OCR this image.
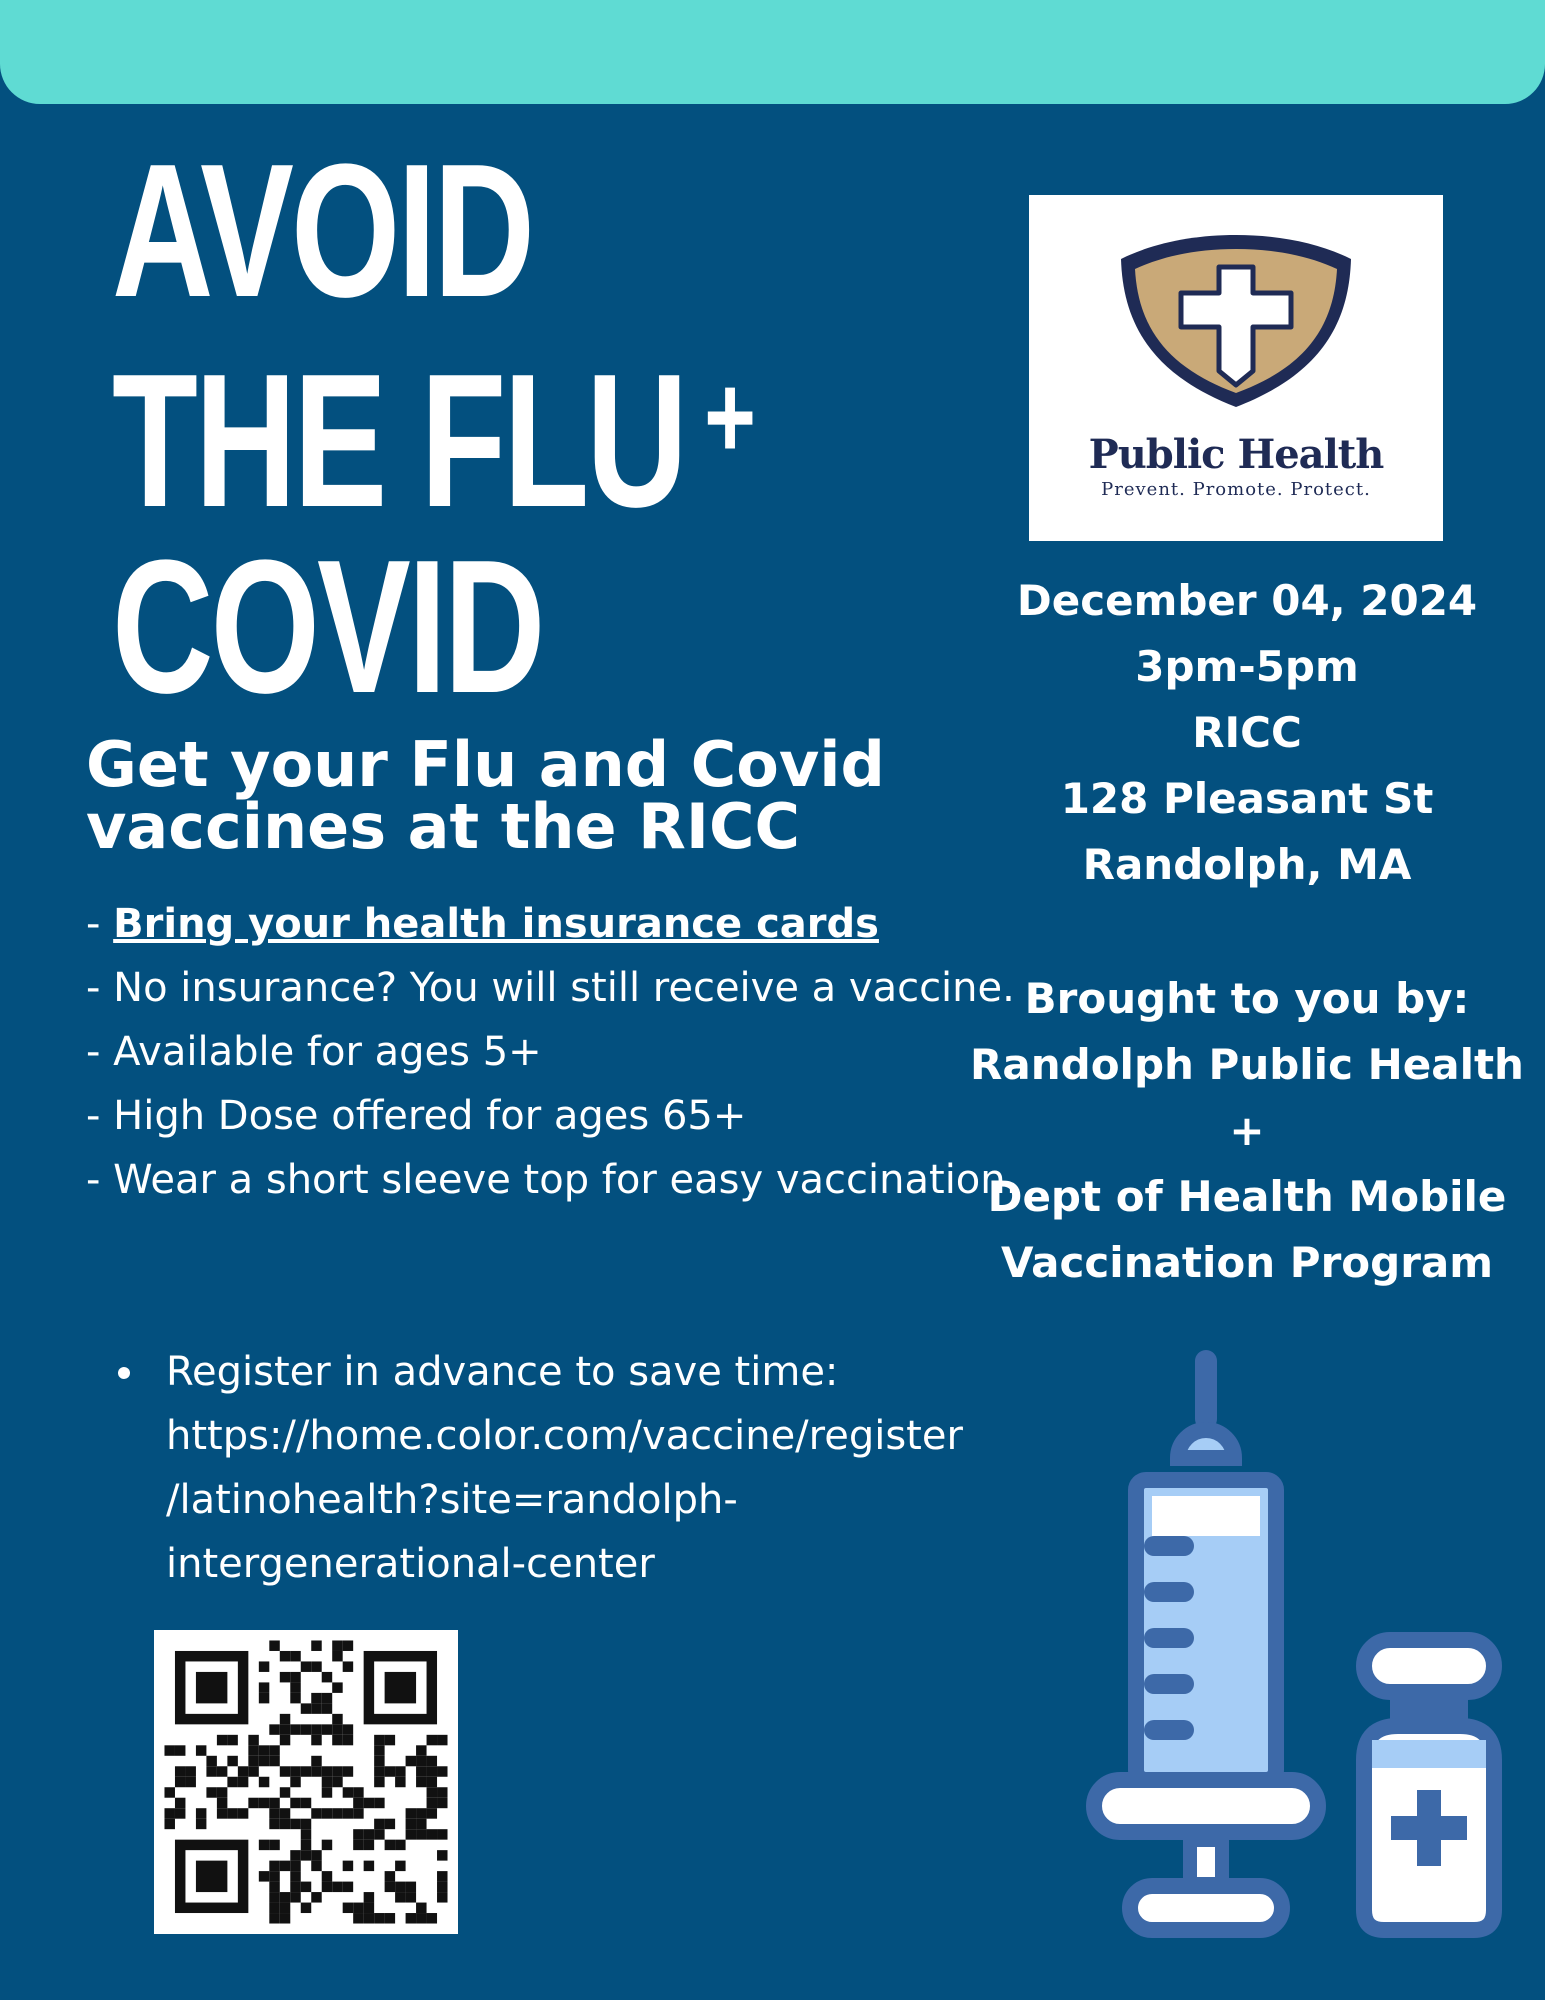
AVOID
THE FLU +
COVID
Get your Flu and Covid vaccines at the RICC

- Bring your health insurance cards

- No insurance? You will still receive a vaccine.

- Available for ages 5+

- High Dose offered for ages 65+

- Wear a short sleeve top for easy vaccination.

Register in advance to save time:
https://home.color.com/vaccine/register
/latinohealth?site=randolph-
intergenerational-center
Public Health
Prevent. Promote. Protect.
December 04, 2024
3pm-5pm
RICC
128 Pleasant St
Randolph, MA
Brought to you by:
Randolph Public Health
+
Dept of Health Mobile
Vaccination Program
